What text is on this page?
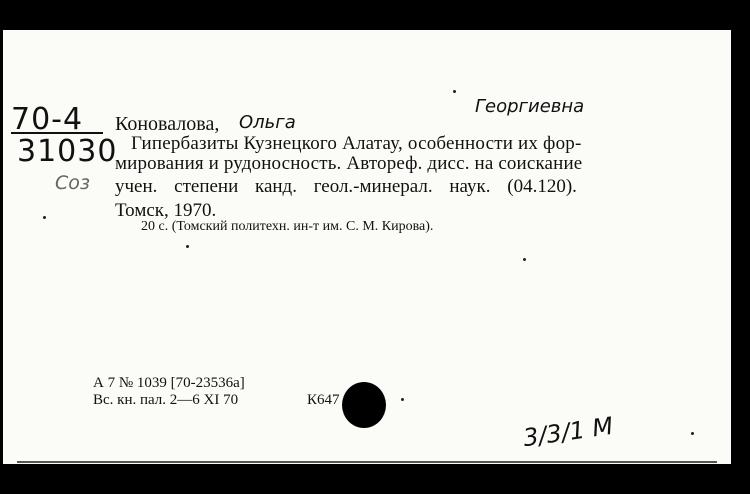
70-4
31030
Соз
Коновалова, Ольга
Георгиевна
Гипербазиты Кузнецкого Алатау, особенности их фор-
мирования и рудоносность. Автореф. дисс. на соискание
учен. степени канд. геол.-минерал. наук. (04.120).
Томск, 1970.
20 с. (Томский политехн. ин-т им. С. М. Кирова).
А 7 № 1039 [70-23536а]
Вс. кн. пал. 2—6 XI 70	К647
3/3/1 М
